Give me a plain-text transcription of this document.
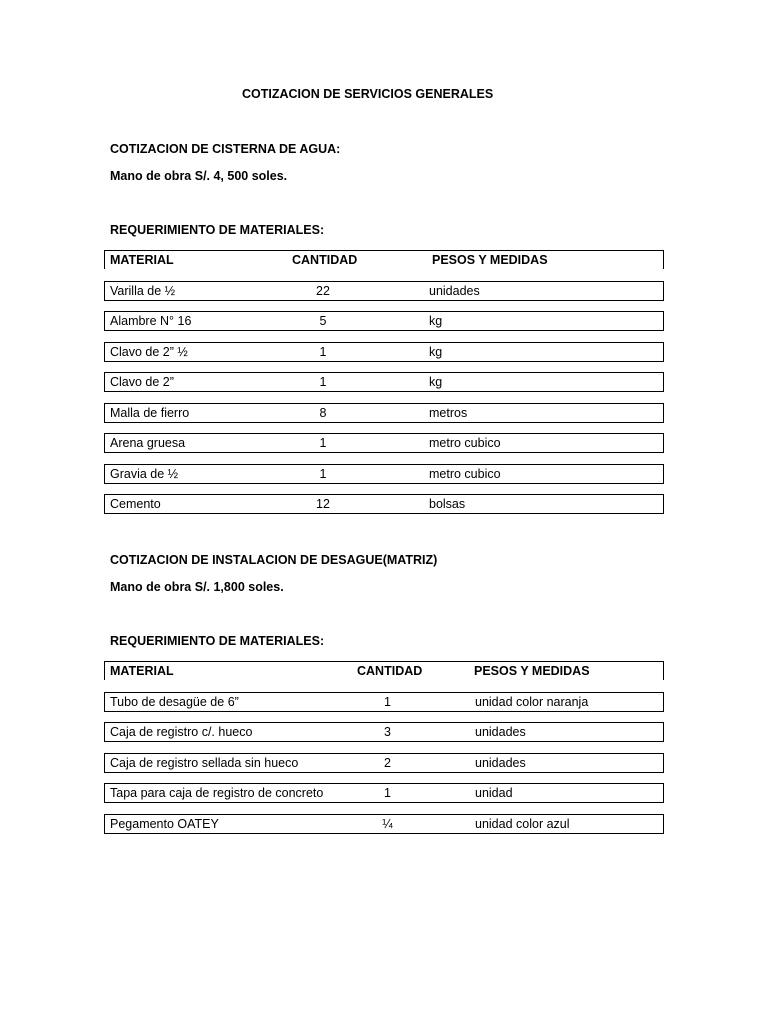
COTIZACION DE SERVICIOS GENERALES
COTIZACION DE CISTERNA DE AGUA:
Mano de obra S/. 4, 500 soles.
REQUERIMIENTO DE MATERIALES:
MATERIAL	CANTIDAD	PESOS Y MEDIDAS
Varilla de ½	22	unidades
Alambre N° 16	5	kg
Clavo de 2” ½	1	kg
Clavo de 2”	1	kg
Malla de fierro	8	metros
Arena gruesa	1	metro cubico
Gravia de ½	1	metro cubico
Cemento	12	bolsas
COTIZACION DE INSTALACION DE DESAGUE(MATRIZ)
Mano de obra S/. 1,800 soles.
REQUERIMIENTO DE MATERIALES:
MATERIAL	CANTIDAD	PESOS Y MEDIDAS
Tubo de desagüe de 6”	1	unidad color naranja
Caja de registro c/. hueco	3	unidades
Caja de registro sellada sin hueco	2	unidades
Tapa para caja de registro de concreto	1	unidad
Pegamento OATEY	¼	unidad color azul
